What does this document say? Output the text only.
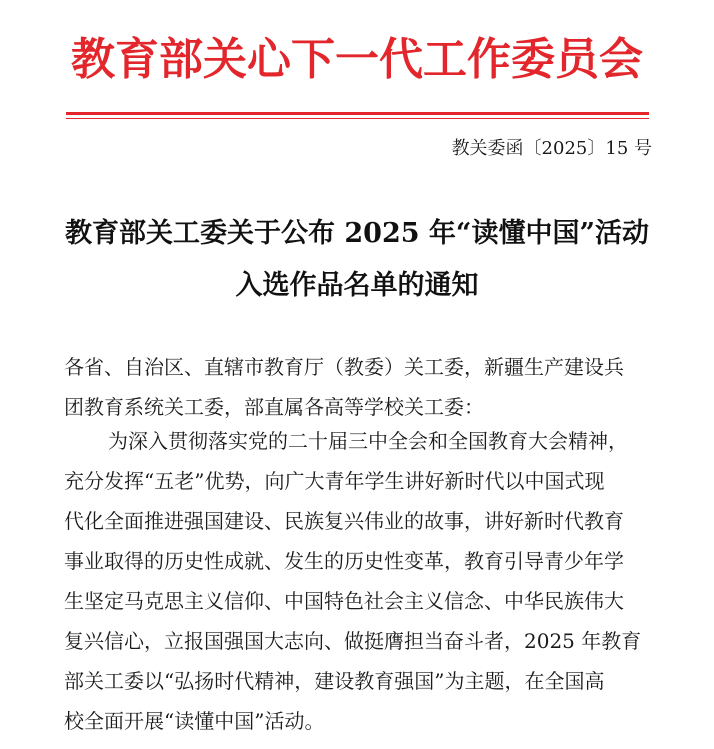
教育部关心下一代工作委员会
教关委函〔2025〕15 号
教育部关工委关于公布 2025 年“读懂中国”活动
入选作品名单的通知
各省、自治区、直辖市教育厅（教委）关工委，新疆生产建设兵
团教育系统关工委，部直属各高等学校关工委：
为深入贯彻落实党的二十届三中全会和全国教育大会精神，
充分发挥“五老”优势，向广大青年学生讲好新时代以中国式现
代化全面推进强国建设、民族复兴伟业的故事，讲好新时代教育
事业取得的历史性成就、发生的历史性变革，教育引导青少年学
生坚定马克思主义信仰、中国特色社会主义信念、中华民族伟大
复兴信心，立报国强国大志向、做挺膺担当奋斗者，2025 年教育
部关工委以“弘扬时代精神，建设教育强国”为主题，在全国高
校全面开展“读懂中国”活动。
